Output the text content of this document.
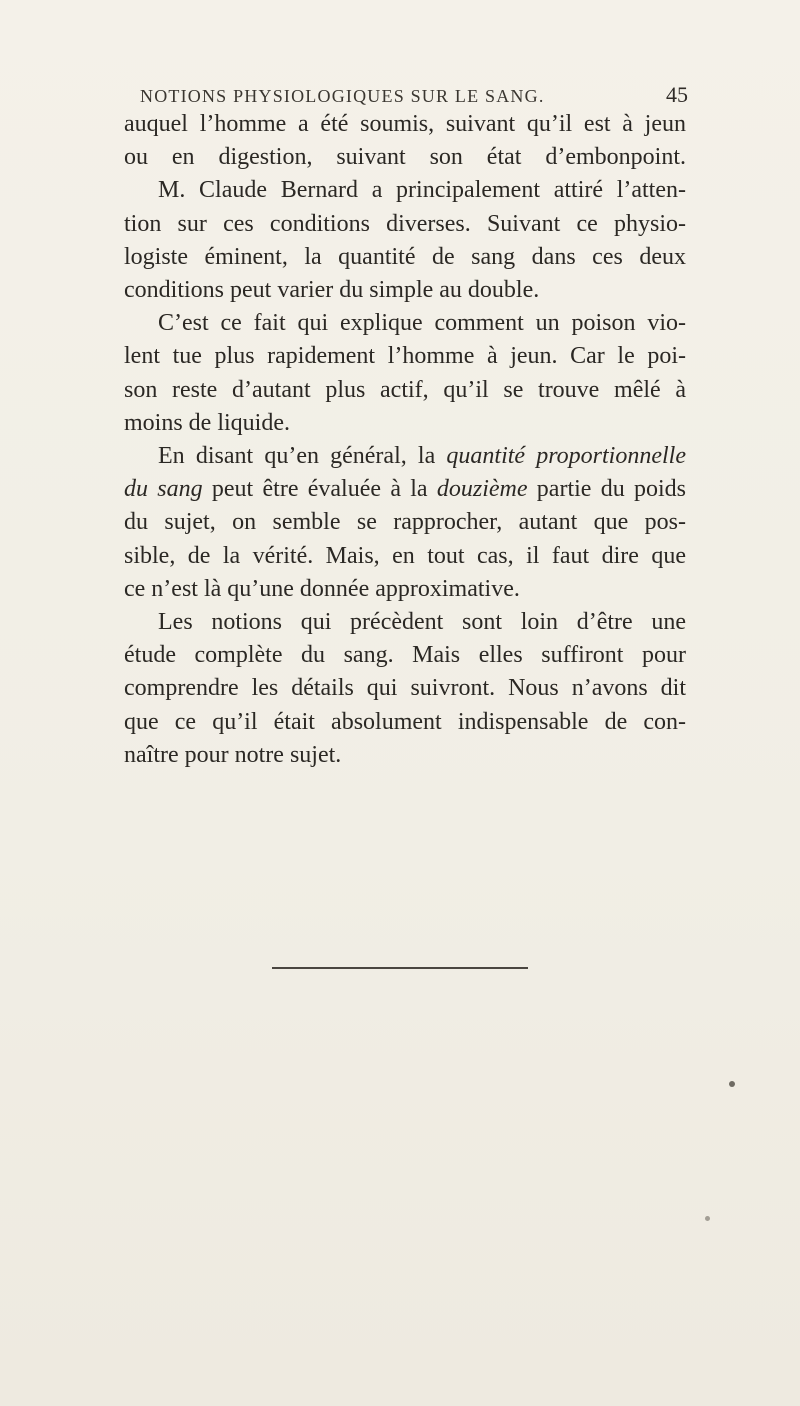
NOTIONS PHYSIOLOGIQUES SUR LE SANG.	45
auquel l’homme a été soumis, suivant qu’il est à jeun
ou en digestion, suivant son état d’embonpoint.
M. Claude Bernard a principalement attiré l’atten-
tion sur ces conditions diverses. Suivant ce physio-
logiste éminent, la quantité de sang dans ces deux
conditions peut varier du simple au double.
C’est ce fait qui explique comment un poison vio-
lent tue plus rapidement l’homme à jeun. Car le poi-
son reste d’autant plus actif, qu’il se trouve mêlé à
moins de liquide.
En disant qu’en général, la quantité proportionnelle
du sang peut être évaluée à la douzième partie du poids
du sujet, on semble se rapprocher, autant que pos-
sible, de la vérité. Mais, en tout cas, il faut dire que
ce n’est là qu’une donnée approximative.
Les notions qui précèdent sont loin d’être une
étude complète du sang. Mais elles suffiront pour
comprendre les détails qui suivront. Nous n’avons dit
que ce qu’il était absolument indispensable de con-
naître pour notre sujet.
